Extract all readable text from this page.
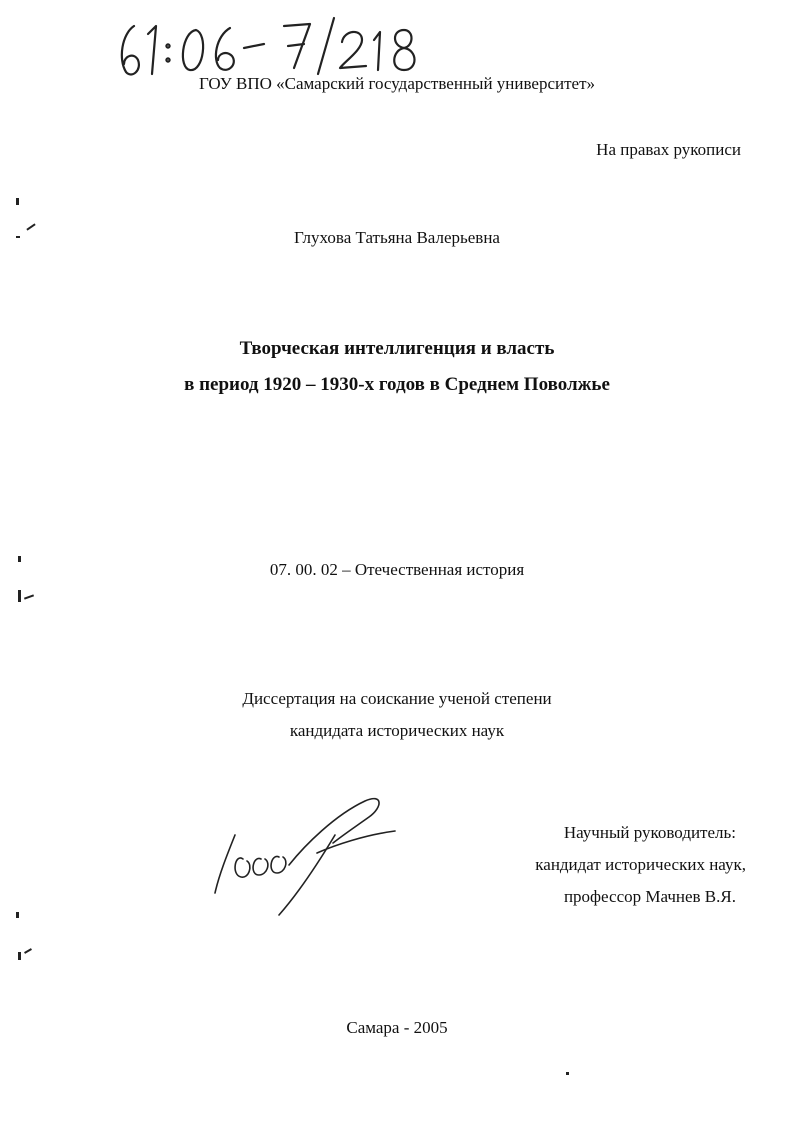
ГОУ ВПО «Самарский государственный университет»
На правах рукописи
Глухова Татьяна Валерьевна
Творческая интеллигенция и власть
в период 1920 – 1930-х годов в Среднем Поволжье
07. 00. 02 – Отечественная история
Диссертация на соискание ученой степени
кандидата исторических наук
Научный руководитель:
кандидат исторических наук,
профессор Мачнев В.Я.
Самара - 2005
